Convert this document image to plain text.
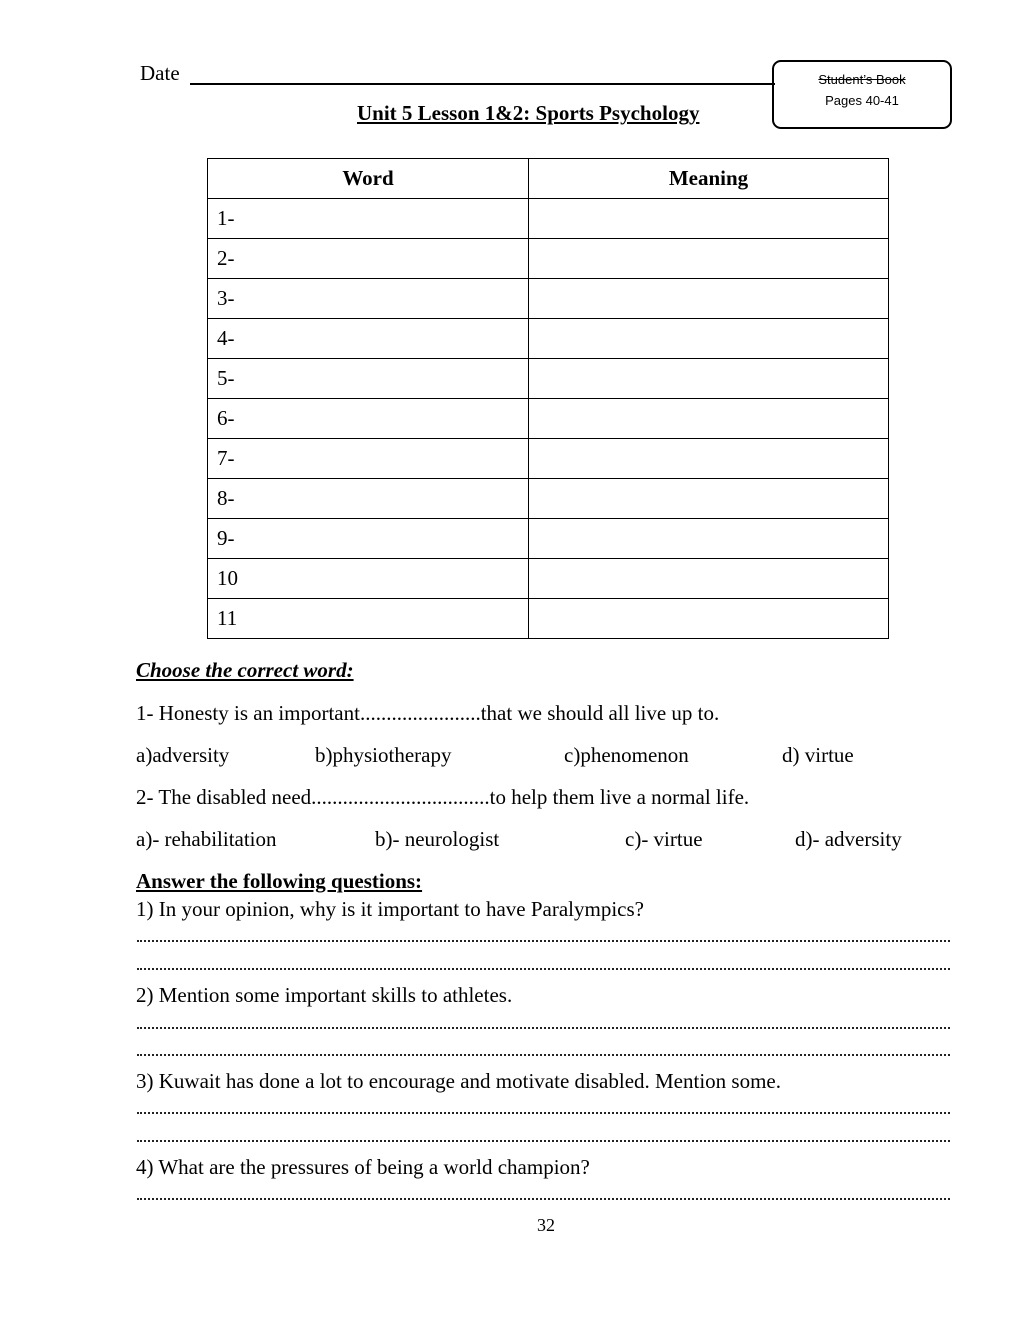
Date	Student’s Book
Pages 40-41
Unit 5 Lesson 1&2: Sports Psychology
Word	Meaning
1-	
2-	
3-	
4-	
5-	
6-	
7-	
8-	
9-	
10	
11	
Choose the correct word:
1- Honesty is an important.......................that we should all live up to.
a)adversity	b)physiotherapy	c)phenomenon	d) virtue
2- The disabled need..................................to help them live a normal life.
a)- rehabilitation	b)- neurologist	c)- virtue	d)- adversity
Answer the following questions:
1) In your opinion, why is it important to have Paralympics?
2) Mention some important skills to athletes.
3) Kuwait has done a lot to encourage and motivate disabled. Mention some.
4) What are the pressures of being a world champion?
32
